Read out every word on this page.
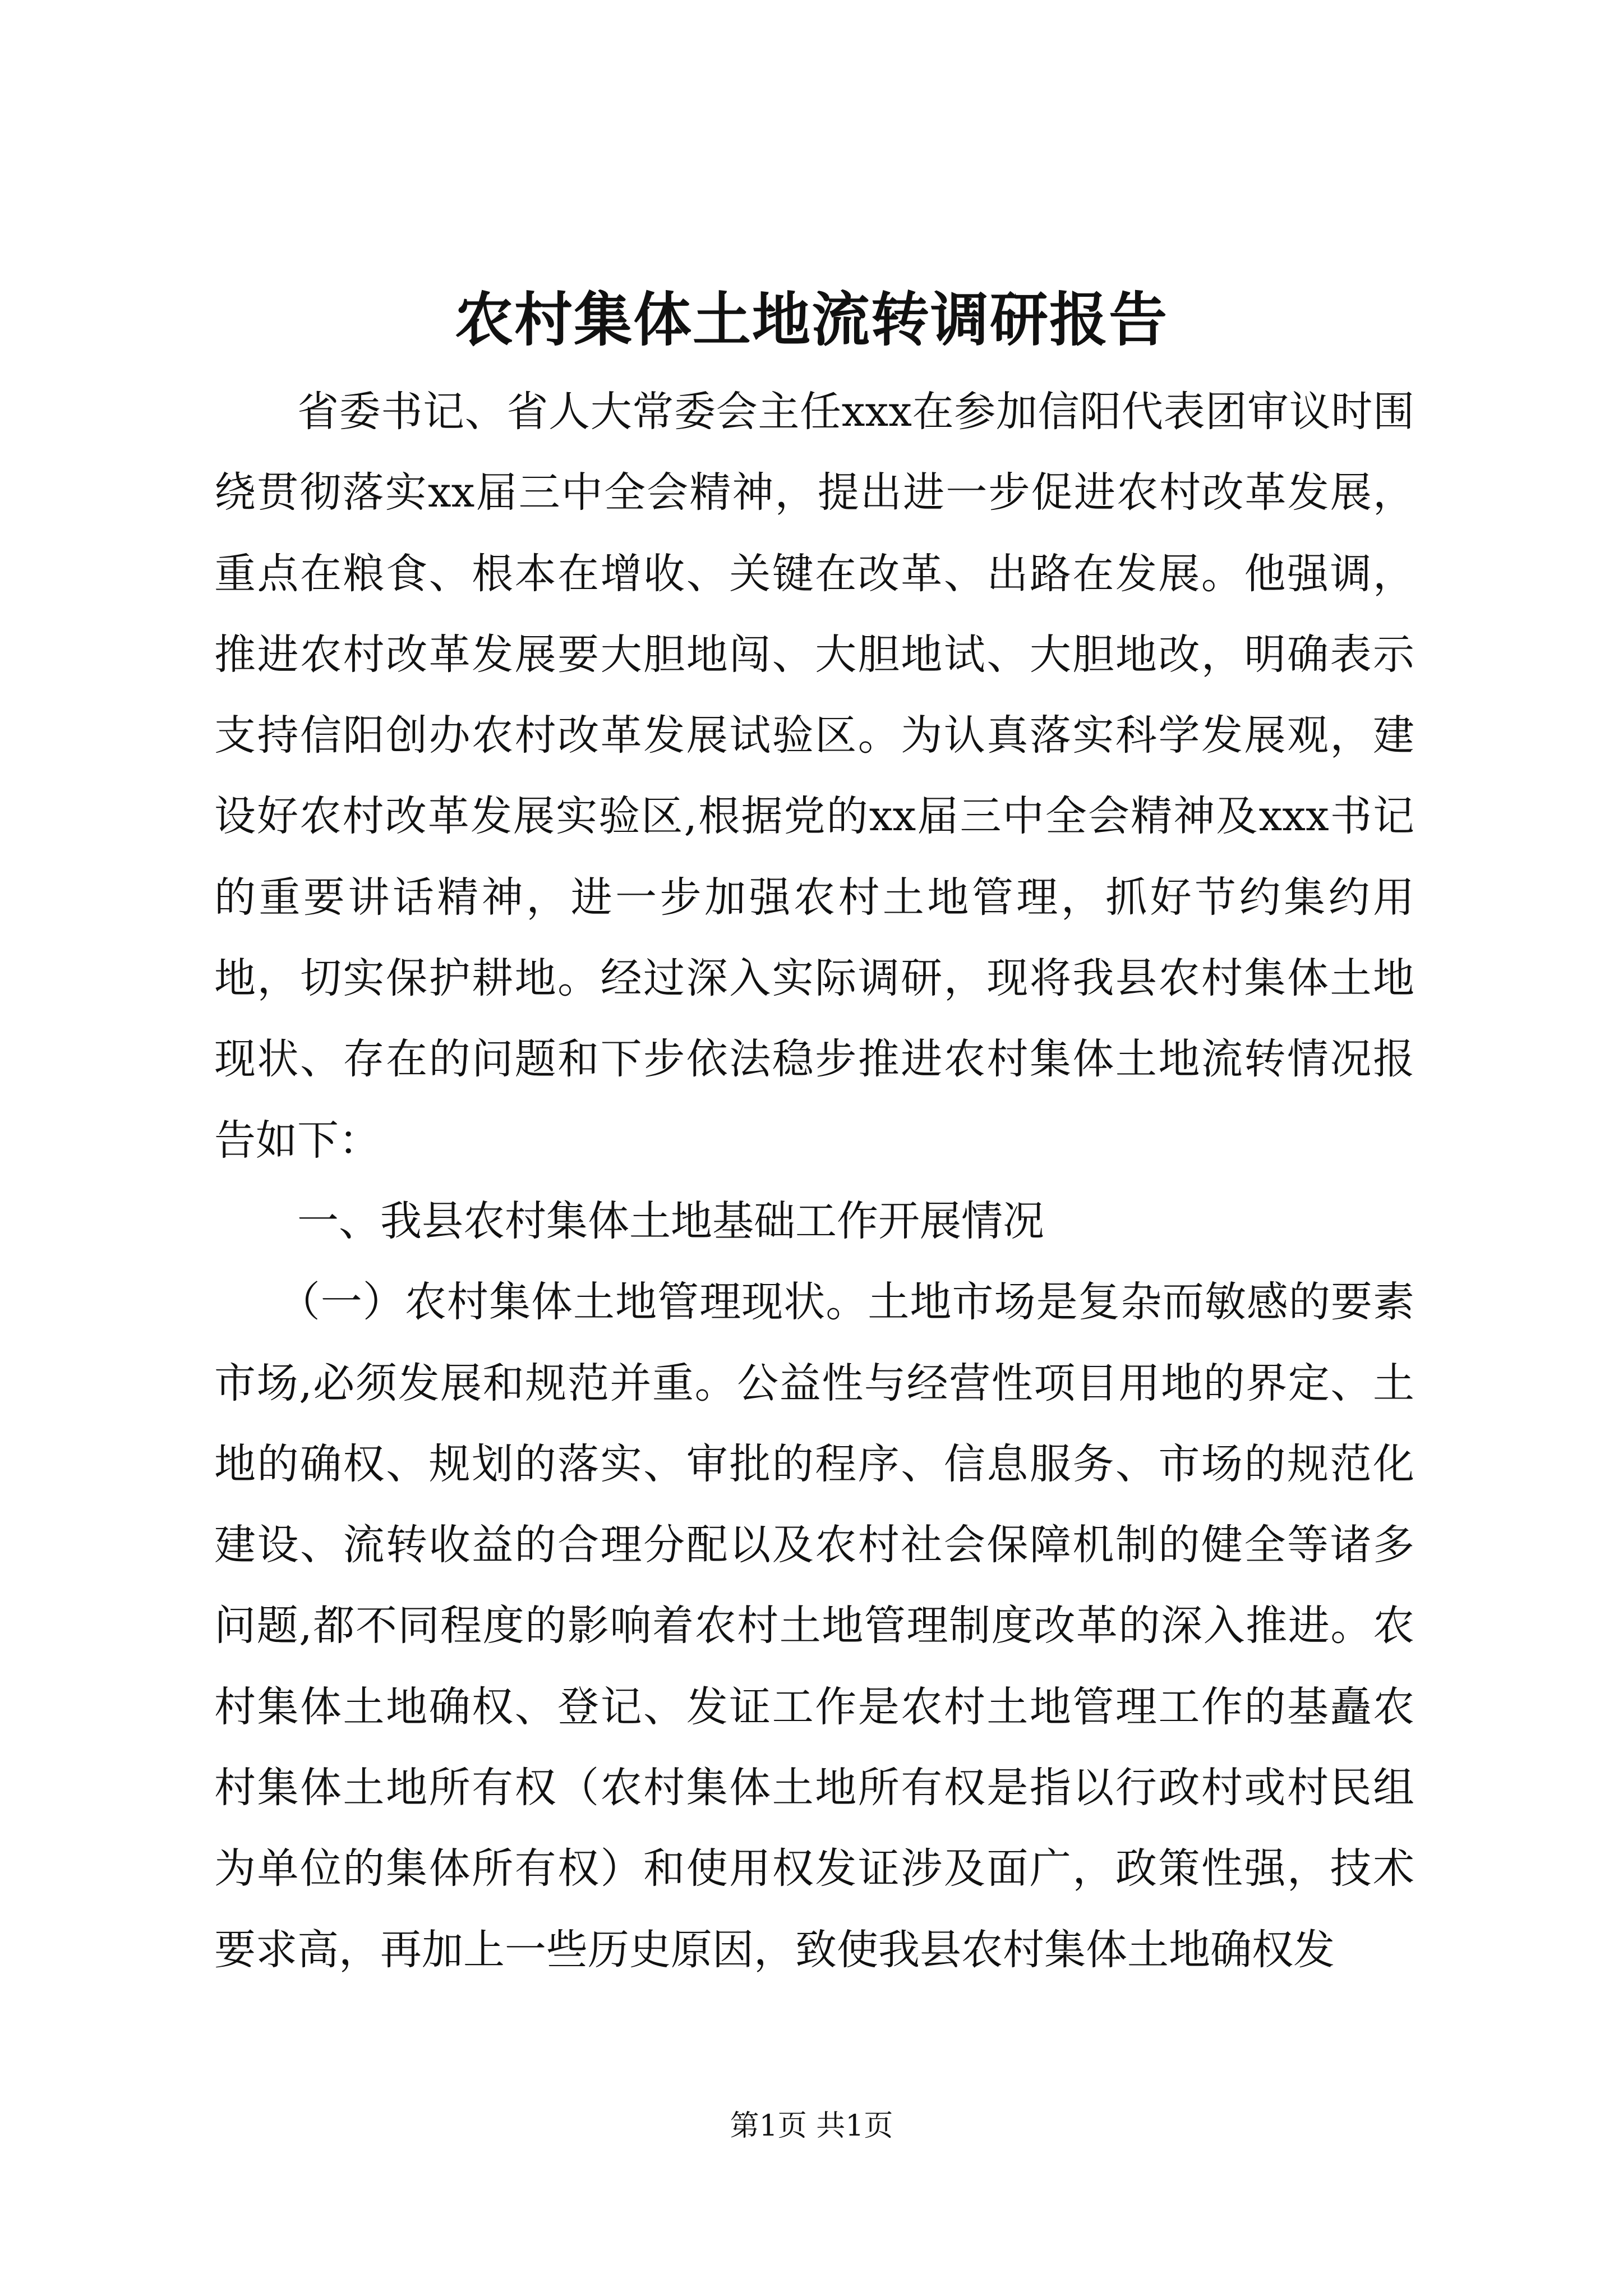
农村集体土地流转调研报告

省委书记、省人大常委会主任xxx在参加信阳代表团审议时围绕贯彻落实xx届三中全会精神，提出进一步促进农村改革发展，重点在粮食、根本在增收、关键在改革、出路在发展。他强调，推进农村改革发展要大胆地闯、大胆地试、大胆地改，明确表示支持信阳创办农村改革发展试验区。为认真落实科学发展观，建设好农村改革发展实验区,根据党的xx届三中全会精神及xxx书记的重要讲话精神，进一步加强农村土地管理，抓好节约集约用地，切实保护耕地。经过深入实际调研，现将我县农村集体土地现状、存在的问题和下步依法稳步推进农村集体土地流转情况报告如下：

一、我县农村集体土地基础工作开展情况

（一）农村集体土地管理现状。土地市场是复杂而敏感的要素市场,必须发展和规范并重。公益性与经营性项目用地的界定、土地的确权、规划的落实、审批的程序、信息服务、市场的规范化建设、流转收益的合理分配以及农村社会保障机制的健全等诸多问题,都不同程度的影响着农村土地管理制度改革的深入推进。农村集体土地确权、登记、发证工作是农村土地管理工作的基矗农村集体土地所有权（农村集体土地所有权是指以行政村或村民组为单位的集体所有权）和使用权发证涉及面广，政策性强，技术要求高，再加上一些历史原因，致使我县农村集体土地确权发

第1页 共1页
